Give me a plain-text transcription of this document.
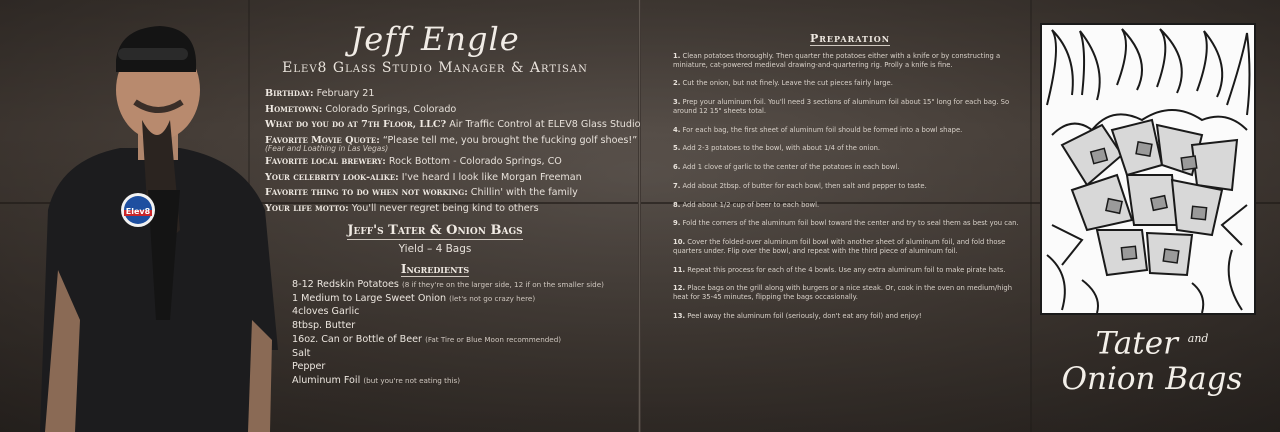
Elev8
Jeff Engle
Elev8 Glass Studio Manager & Artisan
Birthday: February 21
Hometown: Colorado Springs, Colorado
What do you do at 7th Floor, LLC? Air Traffic Control at ELEV8 Glass Studio
Favorite Movie Quote: “Please tell me, you brought the fucking golf shoes!”
(Fear and Loathing in Las Vegas)
Favorite local brewery: Rock Bottom - Colorado Springs, CO
Your celebrity look-alike: I've heard I look like Morgan Freeman
Favorite thing to do when not working: Chillin' with the family
Your life motto: You'll never regret being kind to others
Jeff's Tater & Onion Bags
Yield – 4 Bags
Ingredients
8-12 Redskin Potatoes (8 if they're on the larger side, 12 if on the smaller side)
1 Medium to Large Sweet Onion (let's not go crazy here)
4cloves Garlic
8tbsp. Butter
16oz. Can or Bottle of Beer (Fat Tire or Blue Moon recommended)
Salt
Pepper
Aluminum Foil (but you're not eating this)
Preparation
1. Clean potatoes thoroughly. Then quarter the potatoes either with a knife or by constructing a miniature, cat-powered medieval drawing-and-quartering rig. Prolly a knife is fine.
2. Cut the onion, but not finely. Leave the cut pieces fairly large.
3. Prep your aluminum foil. You'll need 3 sections of aluminum foil about 15" long for each bag. So around 12 15" sheets total.
4. For each bag, the first sheet of aluminum foil should be formed into a bowl shape.
5. Add 2-3 potatoes to the bowl, with about 1/4 of the onion.
6. Add 1 clove of garlic to the center of the potatoes in each bowl.
7. Add about 2tbsp. of butter for each bowl, then salt and pepper to taste.
8. Add about 1/2 cup of beer to each bowl.
9. Fold the corners of the aluminum foil bowl toward the center and try to seal them as best you can.
10. Cover the folded-over aluminum foil bowl with another sheet of aluminum foil, and fold those quarters under. Flip over the bowl, and repeat with the third piece of aluminum foil.
11. Repeat this process for each of the 4 bowls. Use any extra aluminum foil to make pirate hats.
12. Place bags on the grill along with burgers or a nice steak. Or, cook in the oven on medium/high heat for 35-45 minutes, flipping the bags occasionally.
13. Peel away the aluminum foil (seriously, don't eat any foil) and enjoy!
Tater $^{and}$
Onion Bags
